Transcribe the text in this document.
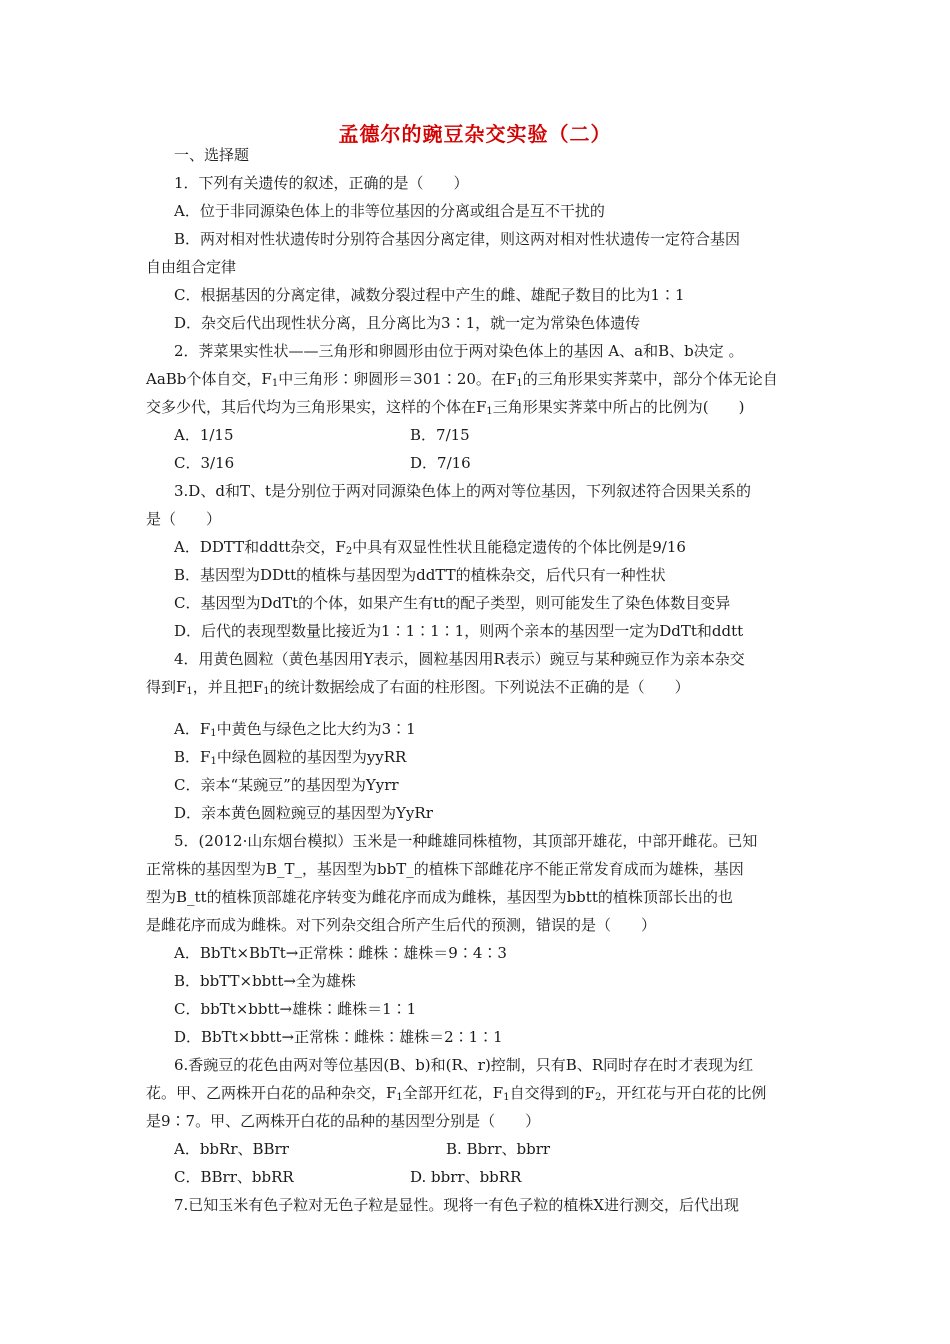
孟德尔的豌豆杂交实验（二）
一、选择题
1．下列有关遗传的叙述，正确的是（　　）
A．位于非同源染色体上的非等位基因的分离或组合是互不干扰的
B．两对相对性状遗传时分别符合基因分离定律，则这两对相对性状遗传一定符合基因
自由组合定律
C．根据基因的分离定律，减数分裂过程中产生的雌、雄配子数目的比为1∶1
D．杂交后代出现性状分离，且分离比为3∶1，就一定为常染色体遗传
2．荠菜果实性状——三角形和卵圆形由位于两对染色体上的基因 A、a和B、b决定 。
AaBb个体自交，$F_1$中三角形∶卵圆形＝301∶20。在$F_1$的三角形果实荠菜中，部分个体无论自
交多少代，其后代均为三角形果实，这样的个体在$F_1$三角形果实荠菜中所占的比例为(　　)
A．1/15	B．7/15
C．3/16	D．7/16
3.D、d和T、t是分别位于两对同源染色体上的两对等位基因，下列叙述符合因果关系的
是（　　）
A．DDTT和ddtt杂交，$F_2$中具有双显性性状且能稳定遗传的个体比例是9/16
B．基因型为DDtt的植株与基因型为ddTT的植株杂交，后代只有一种性状
C．基因型为DdTt的个体，如果产生有tt的配子类型，则可能发生了染色体数目变异
D．后代的表现型数量比接近为1∶1∶1∶1，则两个亲本的基因型一定为DdTt和ddtt
4．用黄色圆粒（黄色基因用Y表示，圆粒基因用R表示）豌豆与某种豌豆作为亲本杂交
得到$F_1$，并且把$F_1$的统计数据绘成了右面的柱形图。下列说法不正确的是（　　）
A．$F_1$中黄色与绿色之比大约为3∶1
B．$F_1$中绿色圆粒的基因型为yyRR
C．亲本“某豌豆”的基因型为Yyrr
D．亲本黄色圆粒豌豆的基因型为YyRr
5．(2012·山东烟台模拟）玉米是一种雌雄同株植物，其顶部开雄花，中部开雌花。已知
正常株的基因型为B_T_，基因型为bbT_的植株下部雌花序不能正常发育成而为雄株，基因
型为B_tt的植株顶部雄花序转变为雌花序而成为雌株，基因型为bbtt的植株顶部长出的也
是雌花序而成为雌株。对下列杂交组合所产生后代的预测，错误的是（　　）
A．BbTt×BbTt→正常株∶雌株∶雄株＝9∶4∶3
B．bbTT×bbtt→全为雄株
C．bbTt×bbtt→雄株∶雌株＝1∶1
D．BbTt×bbtt→正常株∶雌株∶雄株＝2∶1∶1
6.香豌豆的花色由两对等位基因(B、b)和(R、r)控制，只有B、R同时存在时才表现为红
花。甲、乙两株开白花的品种杂交，$F_1$全部开红花，$F_1$自交得到的$F_2$，开红花与开白花的比例
是9∶7。甲、乙两株开白花的品种的基因型分别是（　　）
A．bbRr、BBrr	B. Bbrr、bbrr
C．BBrr、bbRR	D. bbrr、bbRR
7.已知玉米有色子粒对无色子粒是显性。现将一有色子粒的植株X进行测交，后代出现
